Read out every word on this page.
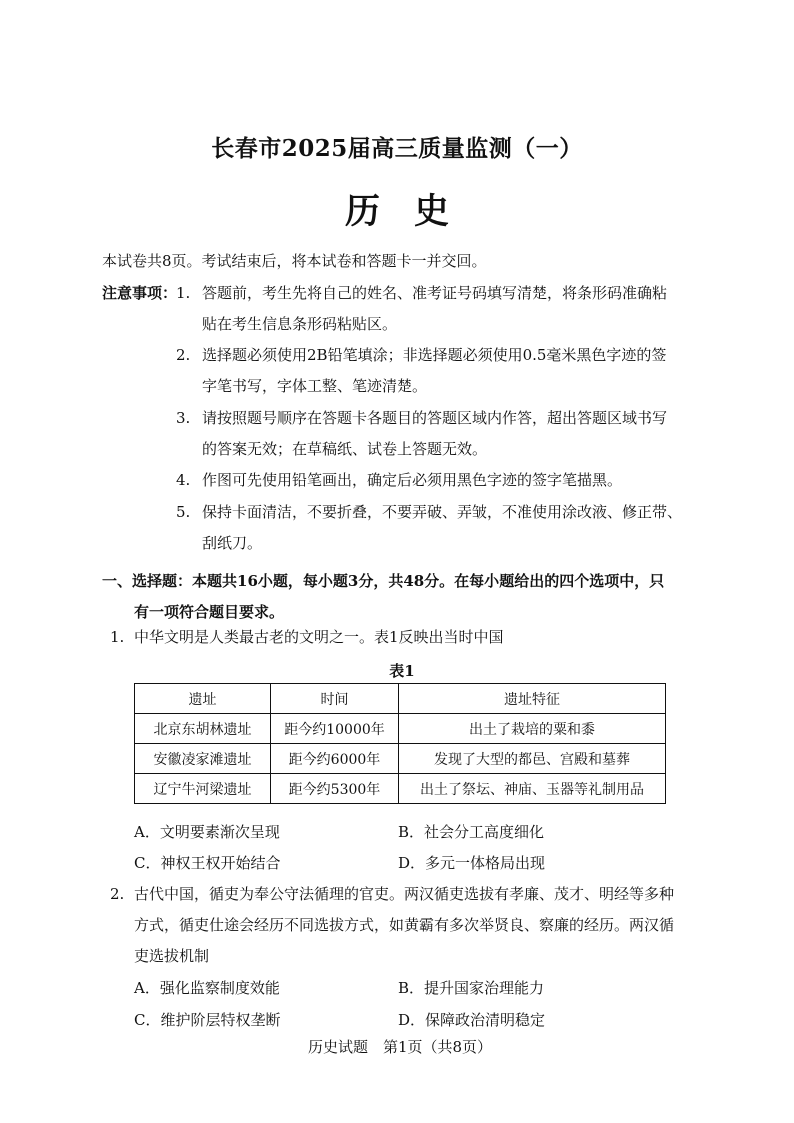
长春市2025届高三质量监测（一）
历史
本试卷共8页。考试结束后，将本试卷和答题卡一并交回。
注意事项：
1. 答题前，考生先将自己的姓名、准考证号码填写清楚，将条形码准确粘
贴在考生信息条形码粘贴区。
2. 选择题必须使用2B铅笔填涂；非选择题必须使用0.5毫米黑色字迹的签
字笔书写，字体工整、笔迹清楚。
3. 请按照题号顺序在答题卡各题目的答题区域内作答，超出答题区域书写
的答案无效；在草稿纸、试卷上答题无效。
4. 作图可先使用铅笔画出，确定后必须用黑色字迹的签字笔描黑。
5. 保持卡面清洁，不要折叠，不要弄破、弄皱，不准使用涂改液、修正带、
刮纸刀。
一、选择题：本题共16小题，每小题3分，共48分。在每小题给出的四个选项中，只
有一项符合题目要求。
1. 中华文明是人类最古老的文明之一。表1反映出当时中国
表1
遗址	时间	遗址特征
北京东胡林遗址	距今约10000年	出土了栽培的粟和黍
安徽凌家滩遗址	距今约6000年	发现了大型的都邑、宫殿和墓葬
辽宁牛河梁遗址	距今约5300年	出土了祭坛、神庙、玉器等礼制用品
A．文明要素渐次呈现	B．社会分工高度细化
C．神权王权开始结合	D．多元一体格局出现
2. 古代中国，循吏为奉公守法循理的官吏。两汉循吏选拔有孝廉、茂才、明经等多种
方式，循吏仕途会经历不同选拔方式，如黄霸有多次举贤良、察廉的经历。两汉循
吏选拔机制
A．强化监察制度效能	B．提升国家治理能力
C．维护阶层特权垄断	D．保障政治清明稳定
历史试题　第1页（共8页）
